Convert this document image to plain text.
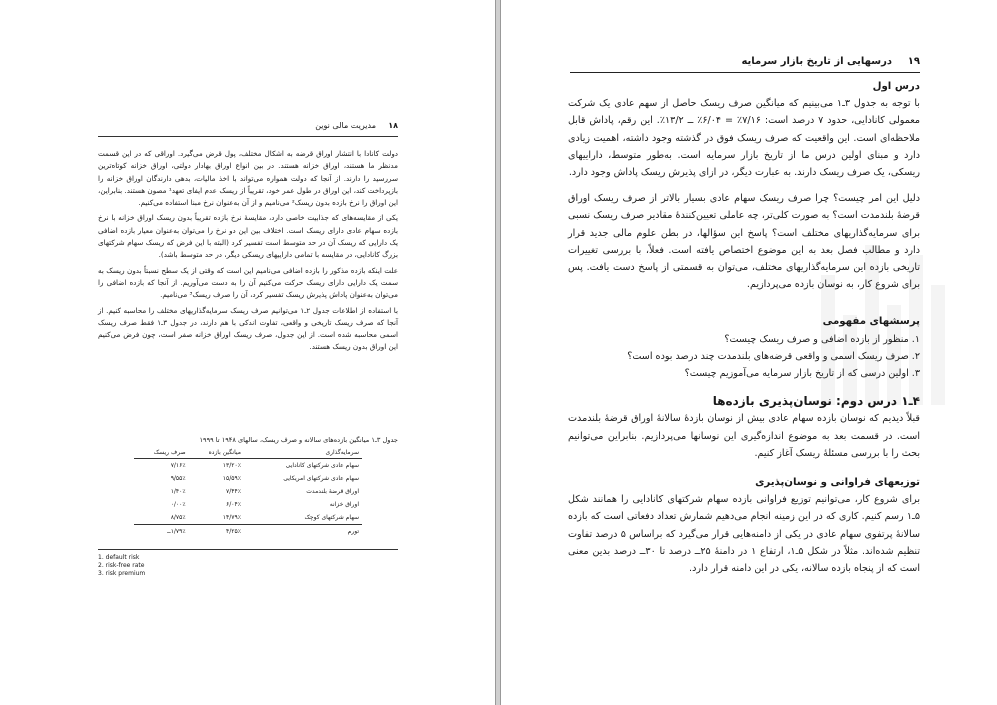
۱۸
مدیریت مالی نوین

دولت کانادا با انتشار اوراق قرضه به اشکال مختلف، پول قرض می‌گیرد. اوراقی که در این قسمت مدنظر ما هستند، اوراق خزانه هستند. در بین انواع اوراق بهادار دولتی، اوراق خزانه کوتاه‌ترین سررسید را دارند. از آنجا که دولت همواره می‌تواند با اخذ مالیات، بدهی دارندگان اوراق خزانه را بازپرداخت کند، این اوراق در طول عمر خود، تقریباً از ریسک عدم ایفای تعهد¹ مصون هستند. بنابراین، این اوراق را نرخ بازده بدون ریسک² می‌نامیم و از آن به‌عنوان نرخ مبنا استفاده می‌کنیم.

یکی از مقایسه‌های که جذابیت خاصی دارد، مقایسهٔ نرخ بازده تقریباً بدون ریسک اوراق خزانه با نرخ بازده سهام عادی دارای ریسک است. اختلاف بین این دو نرخ را می‌توان به‌عنوان معیار بازده اضافی یک دارایی که ریسک آن در حد متوسط است تفسیر کرد (البته با این فرض که ریسک سهام شرکتهای بزرگ کانادایی، در مقایسه با تمامی داراییهای ریسکی دیگر، در حد متوسط باشد).

علت اینکه بازده مذکور را بازده اضافی می‌نامیم این است که وقتی از یک سطح نسبتاً بدون ریسک به سمت یک دارایی دارای ریسک حرکت می‌کنیم آن را به دست می‌آوریم. از آنجا که بازده اضافی را می‌توان به‌عنوان پاداش پذیرش ریسک تفسیر کرد، آن را صرف ریسک³ می‌نامیم.

با استفاده از اطلاعات جدول ۲ـ۱ می‌توانیم صرف ریسک سرمایه‌گذاریهای مختلف را محاسبه کنیم. از آنجا که صرف ریسک تاریخی و واقعی، تفاوت اندکی با هم دارند، در جدول ۳ـ۱ فقط صرف ریسک اسمی محاسبه شده است. از این جدول، صرف ریسک اوراق خزانه صفر است، چون فرض می‌کنیم این اوراق بدون ریسک هستند.

جدول ۳ـ۱ میانگین بازده‌های سالانه و صرف ریسک، سالهای ۱۹۴۸ تا ۱۹۹۹
سرمایه‌گذاری	میانگین بازده	صرف ریسک
سهام عادی شرکتهای کانادایی	۱۳/۲۰٪	۷/۱۶٪
سهام عادی شرکتهای امریکایی	۱۵/۵۹٪	۹/۵۵٪
اوراق قرضهٔ بلندمدت	۷/۴۴٪	۱/۴۰٪
اوراق خزانه	۶/۰۴٪	۰/۰۰٪
سهام شرکتهای کوچک	۱۴/۷۹٪	۸/۷۵٪
تورم	۴/۲۵٪	۱/۷۹٪ــ
1. default risk
2. risk-free rate
3. risk premium
۱۹
درسهایی از تاریخ بازار سرمایه

درس اول

با توجه به جدول ۳ـ۱ می‌بینیم که میانگین صرف ریسک حاصل از سهم عادی یک شرکت معمولی کانادایی، حدود ۷ درصد است: ۷/۱۶٪ = ۶/۰۴٪ ــ ۱۳/۲٪. این رقم، پاداش قابل ملاحظه‌ای است. این واقعیت که صرف ریسک فوق در گذشته وجود داشته، اهمیت زیادی دارد و مبنای اولین درس ما از تاریخ بازار سرمایه است. به‌طور متوسط، داراییهای ریسکی، یک صرف ریسک دارند. به عبارت دیگر، در ازای پذیرش ریسک پاداش وجود دارد.

دلیل این امر چیست؟ چرا صرف ریسک سهام عادی بسیار بالاتر از صرف ریسک اوراق قرضهٔ بلندمدت است؟ به صورت کلی‌تر، چه عاملی تعیین‌کنندهٔ مقادیر صرف ریسک نسبی برای سرمایه‌گذاریهای مختلف است؟ پاسخ این سؤالها، در بطن علوم مالی جدید قرار دارد و مطالب فصل بعد به این موضوع اختصاص یافته است. فعلاً، با بررسی تغییرات تاریخی بازده این سرمایه‌گذاریهای مختلف، می‌توان به قسمتی از پاسخ دست یافت. پس برای شروع کار، به نوسان بازده می‌پردازیم.

پرسشهای مفهومی

۱. منظور از بازده اضافی و صرف ریسک چیست؟

۲. صرف ریسک اسمی و واقعی قرضه‌های بلندمدت چند درصد بوده است؟

۳. اولین درسی که از تاریخ بازار سرمایه می‌آموزیم چیست؟

۴ـ۱ درس دوم: نوسان‌پذیری بازده‌ها

قبلاً دیدیم که نوسان بازده سهام عادی بیش از نوسان بازدهٔ سالانهٔ اوراق قرضهٔ بلندمدت است. در قسمت بعد به موضوع اندازه‌گیری این نوسانها می‌پردازیم. بنابراین می‌توانیم بحث را با بررسی مسئلهٔ ریسک آغاز کنیم.

توزیعهای فراوانی و نوسان‌پذیری

برای شروع کار، می‌توانیم توزیع فراوانی بازده سهام شرکتهای کانادایی را همانند شکل ۵ـ۱ رسم کنیم. کاری که در این زمینه انجام می‌دهیم شمارش تعداد دفعاتی است که بازده سالانهٔ پرتفوی سهام عادی در یکی از دامنه‌هایی قرار می‌گیرد که براساس ۵ درصد تفاوت تنظیم شده‌اند. مثلاً در شکل ۵ـ۱، ارتفاع ۱ در دامنهٔ ۲۵ــ درصد تا ۳۰ــ درصد بدین معنی است که از پنجاه بازده سالانه، یکی در این دامنه قرار دارد.
